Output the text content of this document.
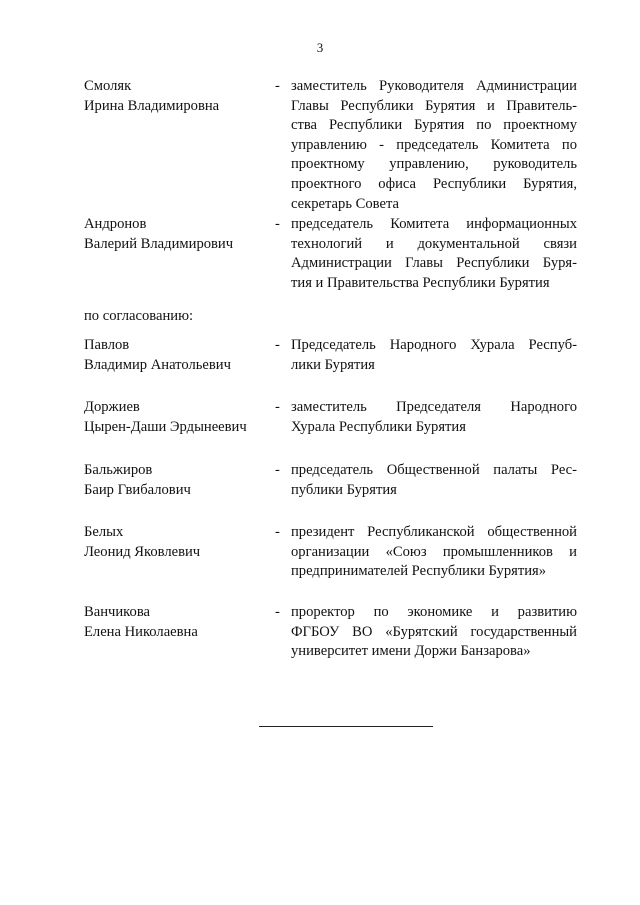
3
Смоляк
Ирина Владимировна
- заместитель Руководителя Администрации
Главы Республики Бурятия и Правитель-
ства Республики Бурятия по проектному
управлению - председатель Комитета по
проектному управлению, руководитель
проектного офиса Республики Бурятия,
секретарь Совета
Андронов
Валерий Владимирович
- председатель Комитета информационных
технологий и документальной связи
Администрации Главы Республики Буря-
тия и Правительства Республики Бурятия
по согласованию:
Павлов
Владимир Анатольевич
- Председатель Народного Хурала Респуб-
лики Бурятия
Доржиев
Цырен-Даши Эрдынеевич
- заместитель Председателя Народного
Хурала Республики Бурятия
Бальжиров
Баир Гвибалович
- председатель Общественной палаты Рес-
публики Бурятия
Белых
Леонид Яковлевич
- президент Республиканской общественной
организации «Союз промышленников и
предпринимателей Республики Бурятия»
Ванчикова
Елена Николаевна
- проректор по экономике и развитию
ФГБОУ ВО «Бурятский государственный
университет имени Доржи Банзарова»
